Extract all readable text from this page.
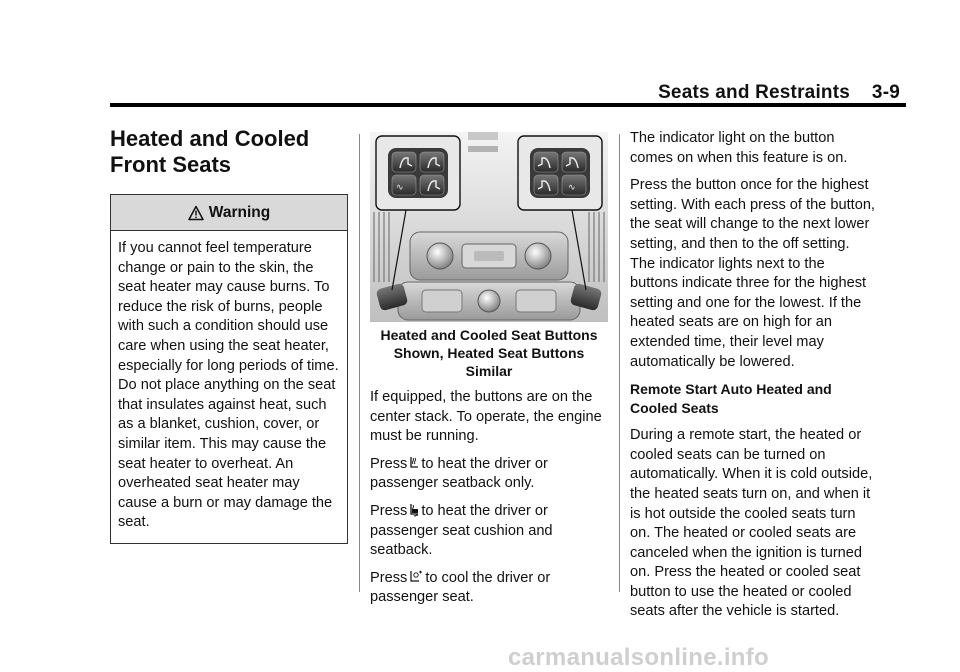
Seats and Restraints    3-9
Heated and Cooled Front Seats
Warning
If you cannot feel temperature change or pain to the skin, the seat heater may cause burns. To reduce the risk of burns, people with such a condition should use care when using the seat heater, especially for long periods of time. Do not place anything on the seat that insulates against heat, such as a blanket, cushion, cover, or similar item. This may cause the seat heater to overheat. An overheated seat heater may cause a burn or may damage the seat.
∿	∿
Heated and Cooled Seat Buttons
Shown, Heated Seat Buttons
Similar

If equipped, the buttons are on the center stack. To operate, the engine must be running.

Press to heat the driver or passenger seatback only.

Press to heat the driver or passenger seat cushion and seatback.

Press to cool the driver or passenger seat.

The indicator light on the button comes on when this feature is on.

Press the button once for the highest setting. With each press of the button, the seat will change to the next lower setting, and then to the off setting. The indicator lights next to the buttons indicate three for the highest setting and one for the lowest. If the heated seats are on high for an extended time, their level may automatically be lowered.

Remote Start Auto Heated and Cooled Seats

During a remote start, the heated or cooled seats can be turned on automatically. When it is cold outside, the heated seats turn on, and when it is hot outside the cooled seats turn on. The heated or cooled seats are canceled when the ignition is turned on. Press the heated or cooled seat button to use the heated or cooled seats after the vehicle is started.

carmanualsonline.info
